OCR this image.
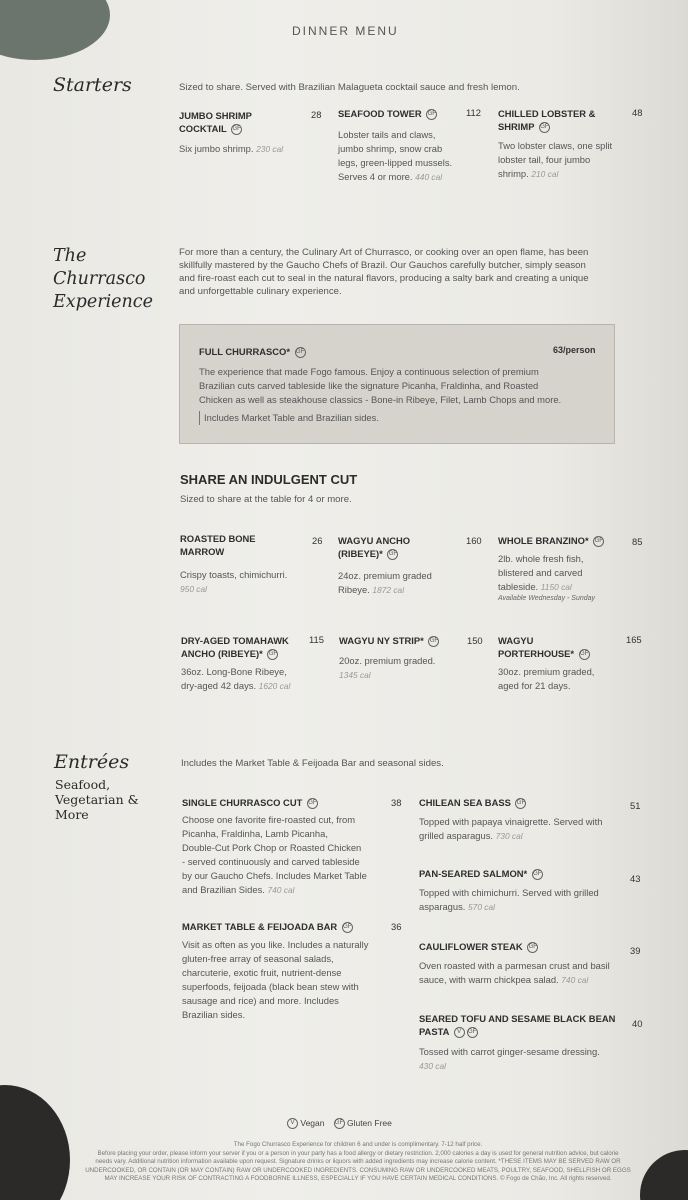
DINNER MENU
Starters	Sized to share. Served with Brazilian Malagueta cocktail sauce and fresh lemon.
JUMBO SHRIMP
COCKTAIL GF
28
Six jumbo shrimp. 230 cal
SEAFOOD TOWER GF	112
Lobster tails and claws,
jumbo shrimp, snow crab
legs, green-lipped mussels.
Serves 4 or more. 440 cal
CHILLED LOBSTER &
SHRIMP GF
48
Two lobster claws, one split
lobster tail, four jumbo
shrimp. 210 cal
The
Churrasco
Experience
For more than a century, the Culinary Art of Churrasco, or cooking over an open flame, has been
skillfully mastered by the Gaucho Chefs of Brazil. Our Gauchos carefully butcher, simply season
and fire-roast each cut to seal in the natural flavors, producing a salty bark and creating a unique
and unforgettable culinary experience.
FULL CHURRASCO* GF	63/person
The experience that made Fogo famous. Enjoy a continuous selection of premium
Brazilian cuts carved tableside like the signature Picanha, Fraldinha, and Roasted
Chicken as well as steakhouse classics - Bone-in Ribeye, Filet, Lamb Chops and more.
Includes Market Table and Brazilian sides.
SHARE AN INDULGENT CUT
Sized to share at the table for 4 or more.
ROASTED BONE
MARROW
26
Crispy toasts, chimichurri.
950 cal
WAGYU ANCHO
(RIBEYE)* GF
160
24oz. premium graded
Ribeye. 1872 cal
WHOLE BRANZINO* GF	85
2lb. whole fresh fish,
blistered and carved
tableside. 1150 cal
Available Wednesday - Sunday
DRY-AGED TOMAHAWK
ANCHO (RIBEYE)* GF
115
36oz. Long-Bone Ribeye,
dry-aged 42 days. 1620 cal
WAGYU NY STRIP* GF	150
20oz. premium graded.
1345 cal
WAGYU
PORTERHOUSE* GF
165
30oz. premium graded,
aged for 21 days.
Entrées
Seafood,
Vegetarian &
More
Includes the Market Table & Feijoada Bar and seasonal sides.
SINGLE CHURRASCO CUT GF	38
Choose one favorite fire-roasted cut, from
Picanha, Fraldinha, Lamb Picanha,
Double-Cut Pork Chop or Roasted Chicken
- served continuously and carved tableside
by our Gaucho Chefs. Includes Market Table
and Brazilian Sides. 740 cal
MARKET TABLE & FEIJOADA BAR GF	36
Visit as often as you like. Includes a naturally
gluten-free array of seasonal salads,
charcuterie, exotic fruit, nutrient-dense
superfoods, feijoada (black bean stew with
sausage and rice) and more. Includes
Brazilian sides.
CHILEAN SEA BASS GF	51
Topped with papaya vinaigrette. Served with
grilled asparagus. 730 cal
PAN-SEARED SALMON* GF	43
Topped with chimichurri. Served with grilled
asparagus. 570 cal
CAULIFLOWER STEAK GF	39
Oven roasted with a parmesan crust and basil
sauce, with warm chickpea salad. 740 cal
SEARED TOFU AND SESAME BLACK BEAN
PASTA V GF
40
Tossed with carrot ginger-sesame dressing.
430 cal
V Vegan GF Gluten Free
The Fogo Churrasco Experience for children 6 and under is complimentary. 7-12 half price.
Before placing your order, please inform your server if you or a person in your party has a food allergy or dietary restriction. 2,000 calories a day is used for general nutrition advice, but calorie
needs vary. Additional nutrition information available upon request. Signature drinks or liquors with added ingredients may increase calorie content. *THESE ITEMS MAY BE SERVED RAW OR
UNDERCOOKED, OR CONTAIN (OR MAY CONTAIN) RAW OR UNDERCOOKED INGREDIENTS. CONSUMING RAW OR UNDERCOOKED MEATS, POULTRY, SEAFOOD, SHELLFISH OR EGGS
MAY INCREASE YOUR RISK OF CONTRACTING A FOODBORNE ILLNESS, ESPECIALLY IF YOU HAVE CERTAIN MEDICAL CONDITIONS. © Fogo de Chão, Inc. All rights reserved.
